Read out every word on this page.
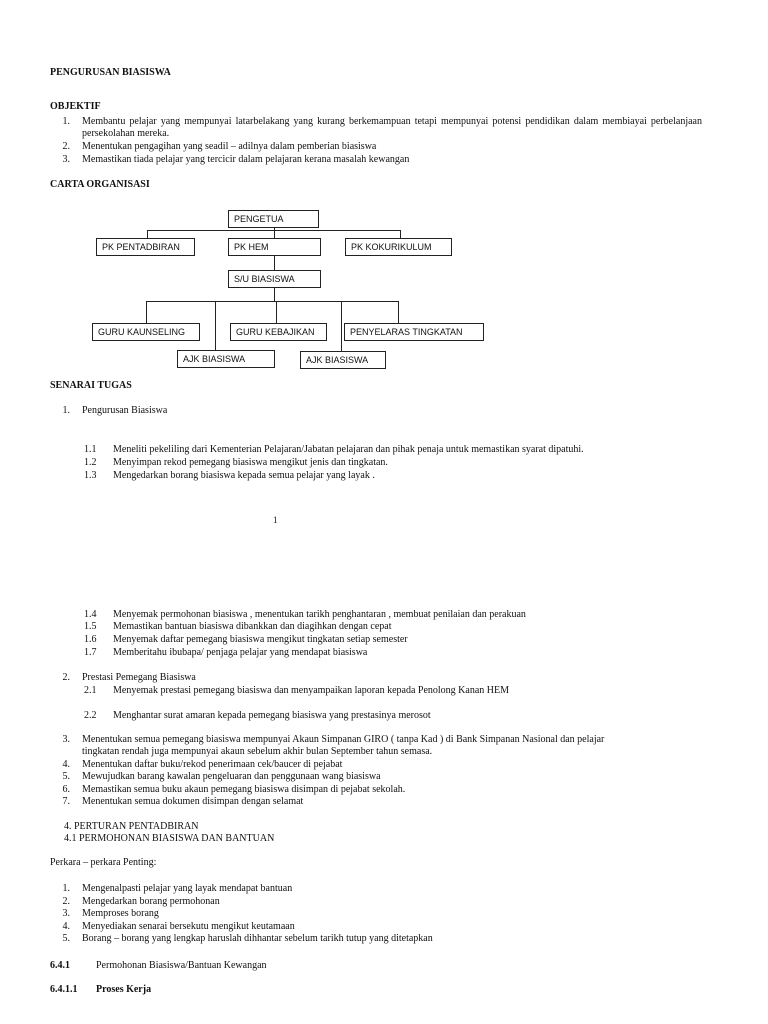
PENGURUSAN BIASISWA
OBJEKTIF
1. Membantu pelajar yang mempunyai latarbelakang yang kurang berkemampuan tetapi mempunyai potensi pendidikan dalam membiayai perbelanjaan persekolahan mereka.
2. Menentukan pengagihan yang seadil – adilnya dalam pemberian biasiswa
3. Memastikan tiada pelajar yang tercicir dalam pelajaran kerana masalah kewangan
CARTA ORGANISASI
PENGETUA
PK PENTADBIRAN	PK HEM	PK KOKURIKULUM
S/U BIASISWA
GURU KAUNSELING	GURU KEBAJIKAN	PENYELARAS TINGKATAN
AJK BIASISWA	AJK BIASISWA
SENARAI TUGAS
1. Pengurusan Biasiswa
1.1 Meneliti pekeliling dari Kementerian Pelajaran/Jabatan pelajaran dan pihak penaja untuk memastikan syarat dipatuhi.
1.2 Menyimpan rekod pemegang biasiswa mengikut jenis dan tingkatan.
1.3 Mengedarkan borang biasiswa kepada semua pelajar yang layak .
1
1.4 Menyemak permohonan biasiswa , menentukan tarikh penghantaran , membuat penilaian dan perakuan
1.5 Memastikan bantuan biasiswa dibankkan dan diagihkan dengan cepat
1.6 Menyemak daftar pemegang biasiswa mengikut tingkatan setiap semester
1.7 Memberitahu ibubapa/ penjaga pelajar yang mendapat biasiswa
2. Prestasi Pemegang Biasiswa
2.1 Menyemak prestasi pemegang biasiswa dan menyampaikan laporan kepada Penolong Kanan HEM
2.2 Menghantar surat amaran kepada pemegang biasiswa yang prestasinya merosot
3. Menentukan semua pemegang biasiswa mempunyai Akaun Simpanan GIRO ( tanpa Kad ) di Bank Simpanan Nasional dan pelajar
tingkatan rendah juga mempunyai akaun sebelum akhir bulan September tahun semasa.
4. Menentukan daftar buku/rekod penerimaan cek/baucer di pejabat
5. Mewujudkan barang kawalan pengeluaran dan penggunaan wang biasiswa
6. Memastikan semua buku akaun pemegang biasiswa disimpan di pejabat sekolah.
7. Menentukan semua dokumen disimpan dengan selamat
4. PERTURAN PENTADBIRAN
4.1 PERMOHONAN BIASISWA DAN BANTUAN
Perkara – perkara Penting:
1. Mengenalpasti pelajar yang layak mendapat bantuan
2. Mengedarkan borang permohonan
3. Memproses borang
4. Menyediakan senarai bersekutu mengikut keutamaan
5. Borang – borang yang lengkap haruslah dihhantar sebelum tarikh tutup yang ditetapkan
6.4.1	Permohonan Biasiswa/Bantuan Kewangan
6.4.1.1 Proses Kerja
